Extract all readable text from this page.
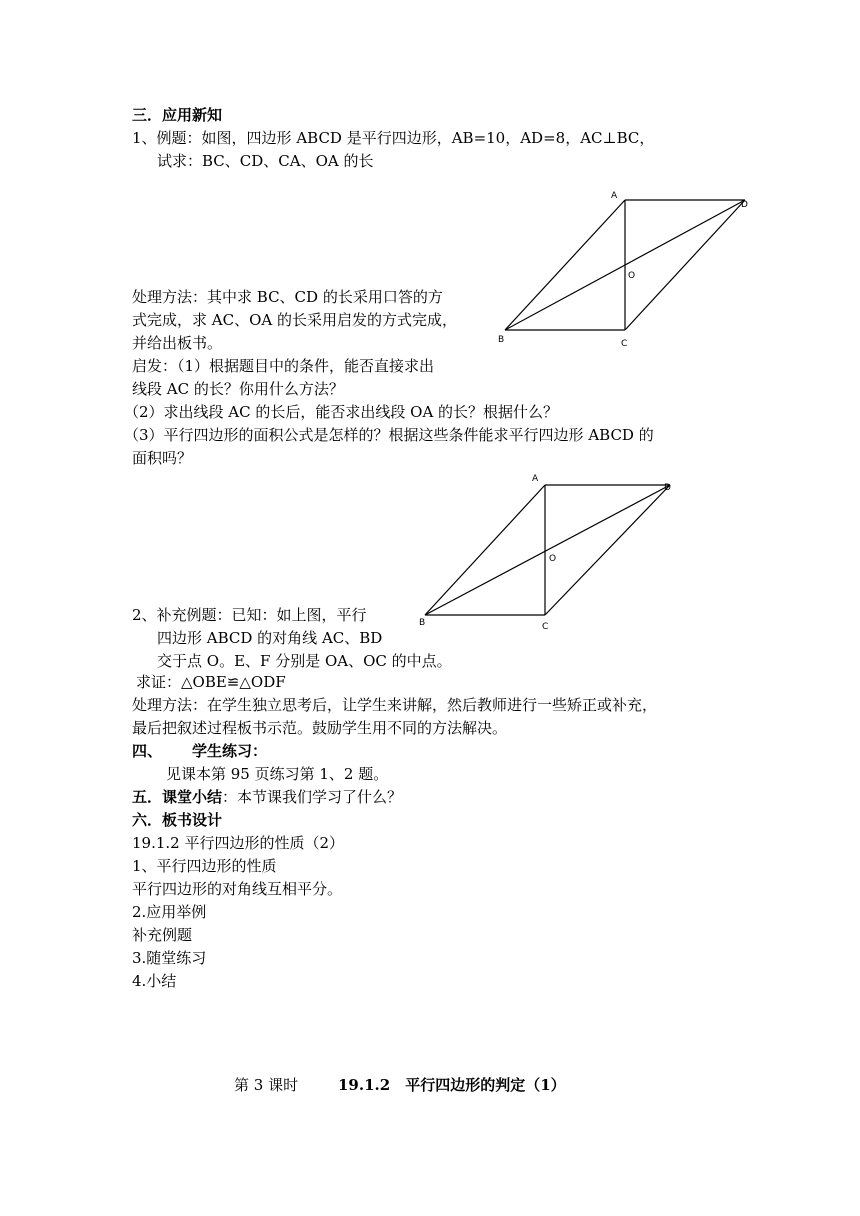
三．应用新知
1、例题：如图，四边形 ABCD 是平行四边形，AB=10，AD=8，AC⊥BC，
试求：BC、CD、CA、OA 的长
A
D
O
B	C
处理方法：其中求 BC、CD 的长采用口答的方
式完成，求 AC、OA 的长采用启发的方式完成，
并给出板书。
启发：（1）根据题目中的条件，能否直接求出
线段 AC 的长？你用什么方法？
（2）求出线段 AC 的长后，能否求出线段 OA 的长？根据什么？
（3）平行四边形的面积公式是怎样的？根据这些条件能求平行四边形 ABCD 的
面积吗？
A
D
O
B	C
2、补充例题：已知：如上图，平行
四边形 ABCD 的对角线 AC、BD
交于点 O。E、F 分别是 OA、OC 的中点。
求证：△OBE≌△ODF
处理方法：在学生独立思考后，让学生来讲解，然后教师进行一些矫正或补充，
最后把叙述过程板书示范。鼓励学生用不同的方法解决。
四、 学生练习：
见课本第 95 页练习第 1、2 题。
五．课堂小结：本节课我们学习了什么？
六．板书设计
19.1.2 平行四边形的性质（2）
1、平行四边形的性质
平行四边形的对角线互相平分。
2.应用举例
补充例题
3.随堂练习
4.小结
第 3 课时	19.1.2　平行四边形的判定（1）
